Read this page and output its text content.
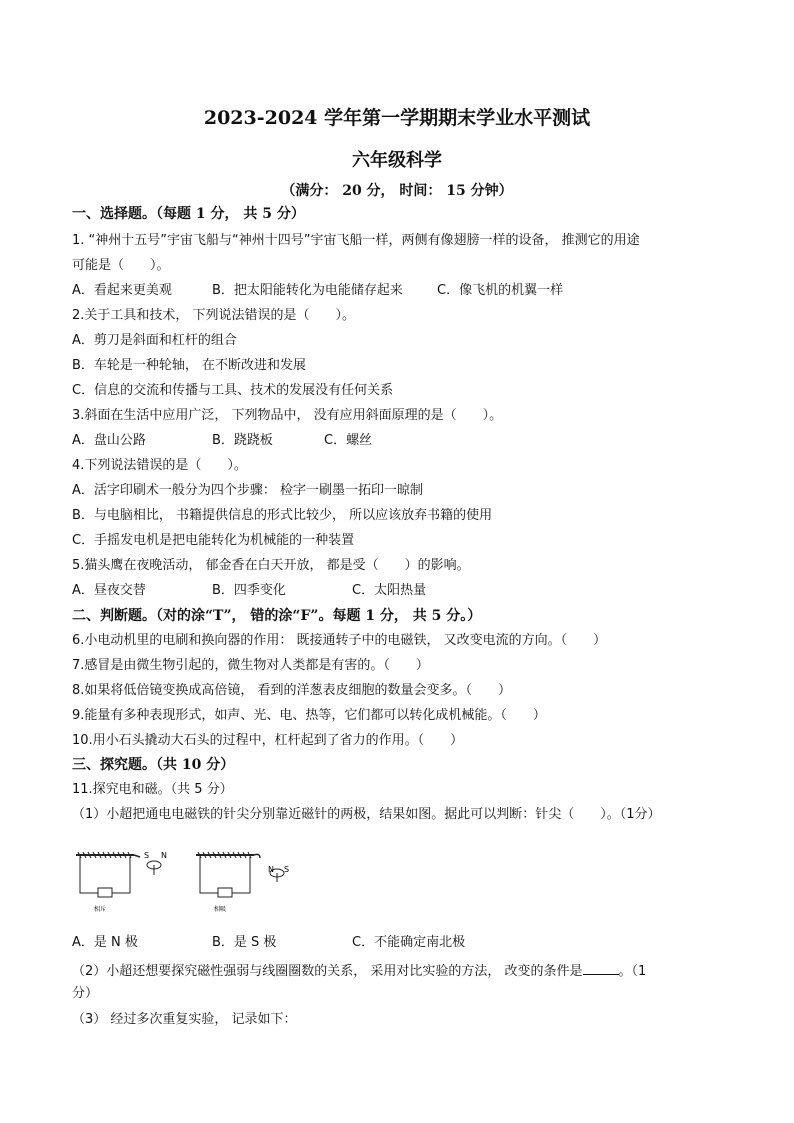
2023-2024 学年第一学期期末学业水平测试
六年级科学
（满分： 20 分， 时间： 15 分钟）
一、选择题。（每题 1 分， 共 5 分）
1. “神州十五号”宇宙飞船与“神州十四号”宇宙飞船一样，两侧有像翅膀一样的设备， 推测它的用途
可能是（　　）。
A．看起来更美观	B．把太阳能转化为电能储存起来	C．像飞机的机翼一样
2.关于工具和技术， 下列说法错误的是（　　）。
A．剪刀是斜面和杠杆的组合
B．车轮是一种轮轴， 在不断改进和发展
C．信息的交流和传播与工具、技术的发展没有任何关系
3.斜面在生活中应用广泛， 下列物品中， 没有应用斜面原理的是（　　）。
A．盘山公路	B．跷跷板	C．螺丝
4.下列说法错误的是（　　）。
A．活字印刷术一般分为四个步骤： 检字一刷墨一拓印一晾制
B．与电脑相比， 书籍提供信息的形式比较少， 所以应该放弃书籍的使用
C．手摇发电机是把电能转化为机械能的一种装置
5.猫头鹰在夜晚活动， 郁金香在白天开放， 都是受（　　）的影响。
A．昼夜交替	B．四季变化	C．太阳热量
二、判断题。（对的涂“T”， 错的涂“F”。每题 1 分， 共 5 分。）
6.小电动机里的电刷和换向器的作用： 既接通转子中的电磁铁， 又改变电流的方向。（　　）
7.感冒是由微生物引起的，微生物对人类都是有害的。（　　）
8.如果将低倍镜变换成高倍镜， 看到的洋葱表皮细胞的数量会变多。（　　）
9.能量有多种表现形式，如声、光、电、热等，它们都可以转化成机械能。（　　）
10.用小石头撬动大石头的过程中，杠杆起到了省力的作用。（　　）
三、探究题。（共 10 分）
11.探究电和磁。（共 5 分）
（1）小超把通电电磁铁的针尖分别靠近磁针的两极，结果如图。据此可以判断：针尖（　　）。（1分）
S N
相斥
N S
相吸
A．是 N 极	B．是 S 极	C．不能确定南北极
（2）小超还想要探究磁性强弱与线圈圈数的关系， 采用对比实验的方法， 改变的条件是	。（1
分）
（3） 经过多次重复实验， 记录如下：
